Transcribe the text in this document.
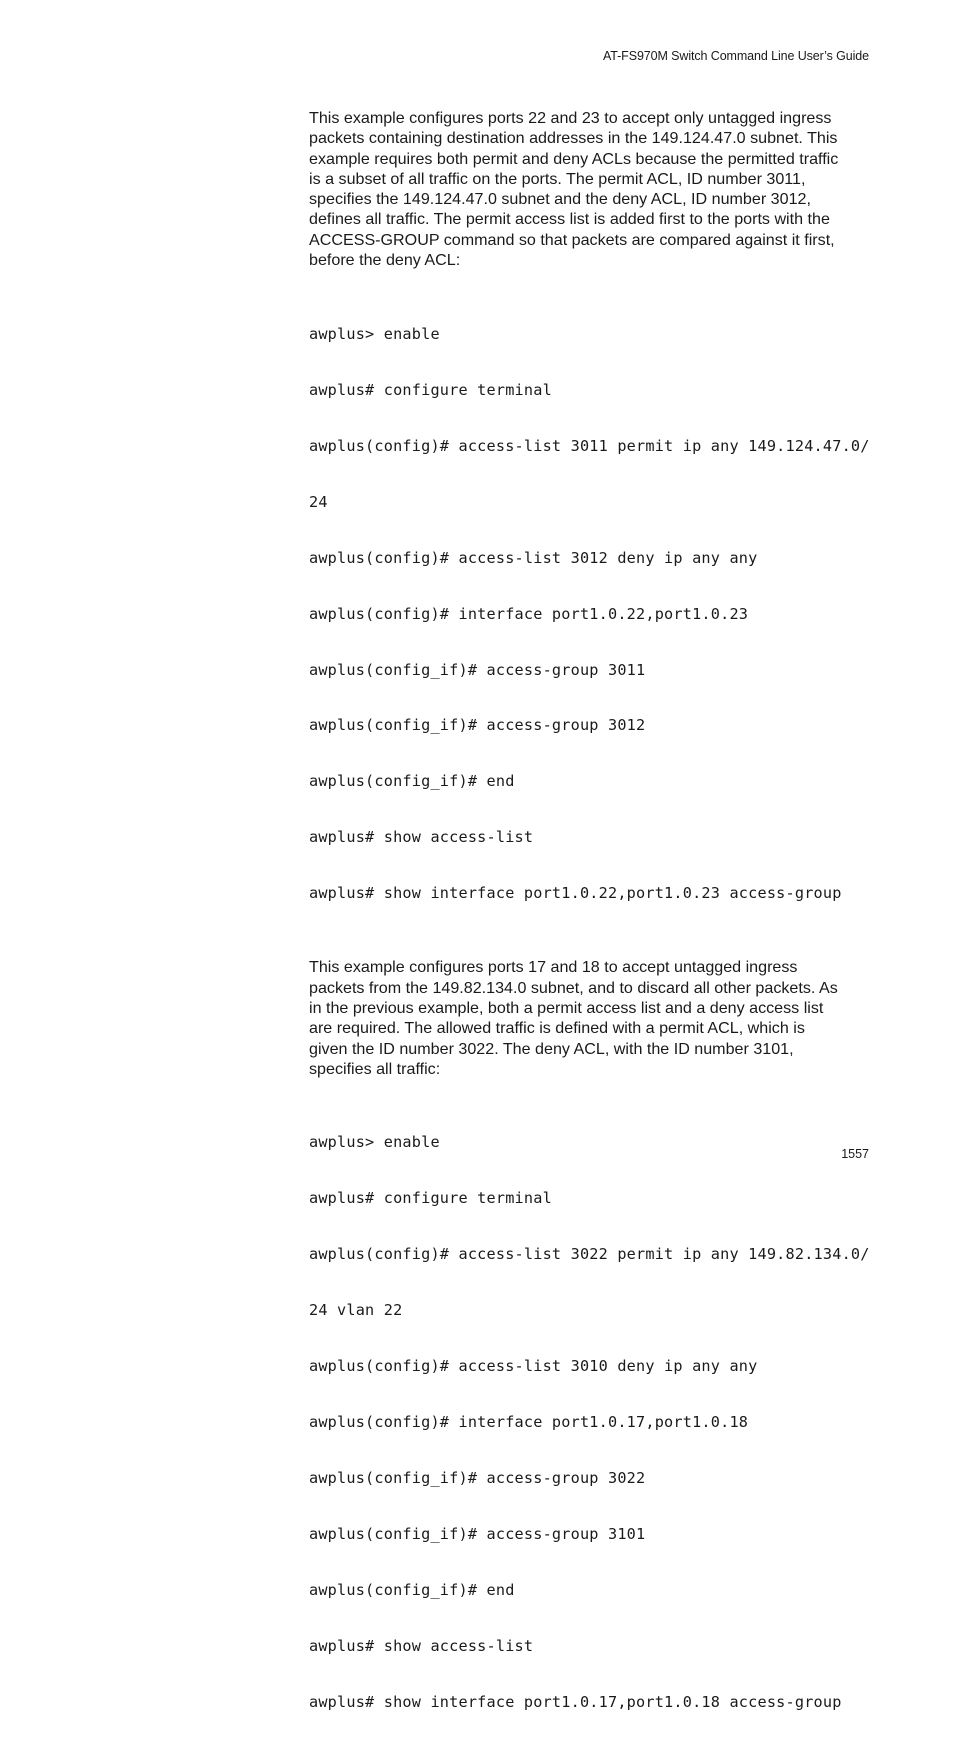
AT-FS970M Switch Command Line User’s Guide
This example configures ports 22 and 23 to accept only untagged ingress
packets containing destination addresses in the 149.124.47.0 subnet. This
example requires both permit and deny ACLs because the permitted traffic
is a subset of all traffic on the ports. The permit ACL, ID number 3011,
specifies the 149.124.47.0 subnet and the deny ACL, ID number 3012,
defines all traffic. The permit access list is added first to the ports with the
ACCESS-GROUP command so that packets are compared against it first,
before the deny ACL:

awplus> enable

awplus# configure terminal

awplus(config)# access-list 3011 permit ip any 149.124.47.0/

24

awplus(config)# access-list 3012 deny ip any any

awplus(config)# interface port1.0.22,port1.0.23

awplus(config_if)# access-group 3011

awplus(config_if)# access-group 3012

awplus(config_if)# end

awplus# show access-list

awplus# show interface port1.0.22,port1.0.23 access-group

This example configures ports 17 and 18 to accept untagged ingress
packets from the 149.82.134.0 subnet, and to discard all other packets. As
in the previous example, both a permit access list and a deny access list
are required. The allowed traffic is defined with a permit ACL, which is
given the ID number 3022. The deny ACL, with the ID number 3101,
specifies all traffic:

awplus> enable

awplus# configure terminal

awplus(config)# access-list 3022 permit ip any 149.82.134.0/

24 vlan 22

awplus(config)# access-list 3010 deny ip any any

awplus(config)# interface port1.0.17,port1.0.18

awplus(config_if)# access-group 3022

awplus(config_if)# access-group 3101

awplus(config_if)# end

awplus# show access-list

awplus# show interface port1.0.17,port1.0.18 access-group

1557
